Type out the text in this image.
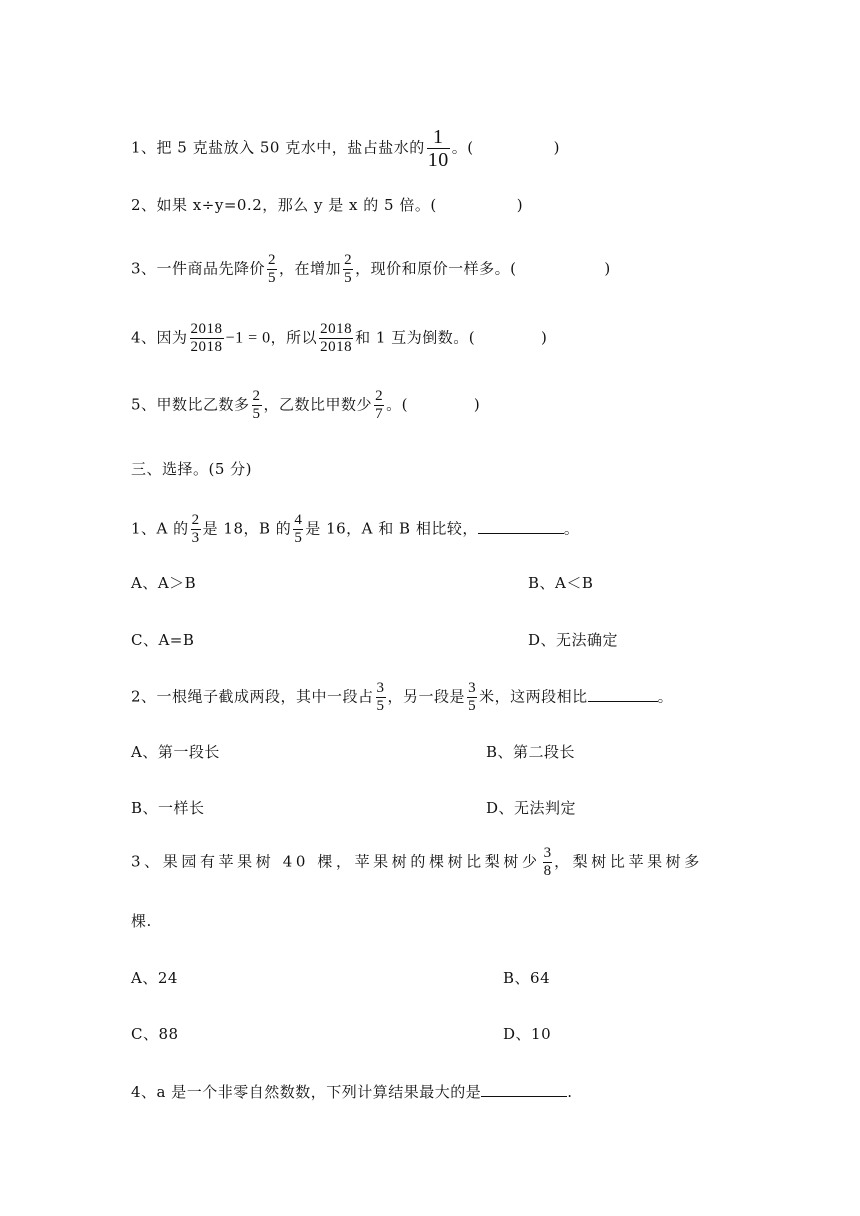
1、把 5 克盐放入 50 克水中，盐占盐水的 $\frac{1}{10}$ 。(	)
2、如果 x÷y=0.2，那么 y 是 x 的 5 倍。(	)
3、一件商品先降价 $\frac{2}{5}$ ，在增加 $\frac{2}{5}$ ，现价和原价一样多。(	)
4、因为 $\frac{2018}{2018} -1 = 0$，所以 $\frac{2018}{2018}$ 和 1 互为倒数。(	)
5、甲数比乙数多 $\frac{2}{5}$ ，乙数比甲数少 $\frac{2}{7}$ 。(	)
三、选择。(5 分)
1、A 的 $\frac{2}{3}$ 是 18，B 的 $\frac{4}{5}$ 是 16，A 和 B 相比较，	。
A、A＞B	B、A＜B
C、A=B	D、无法确定
2、一根绳子截成两段，其中一段占 $\frac{3}{5}$ ，另一段是 $\frac{3}{5}$ 米，这两段相比	。
A、第一段长	B、第二段长
B、一样长	D、无法判定
3、果园有苹果树 40 棵，苹果树的棵树比梨树少 $\frac{3}{8}$ ，梨树比苹果树多
棵.
A、24	B、64
C、88	D、10
4、a 是一个非零自然数数，下列计算结果最大的是	.
